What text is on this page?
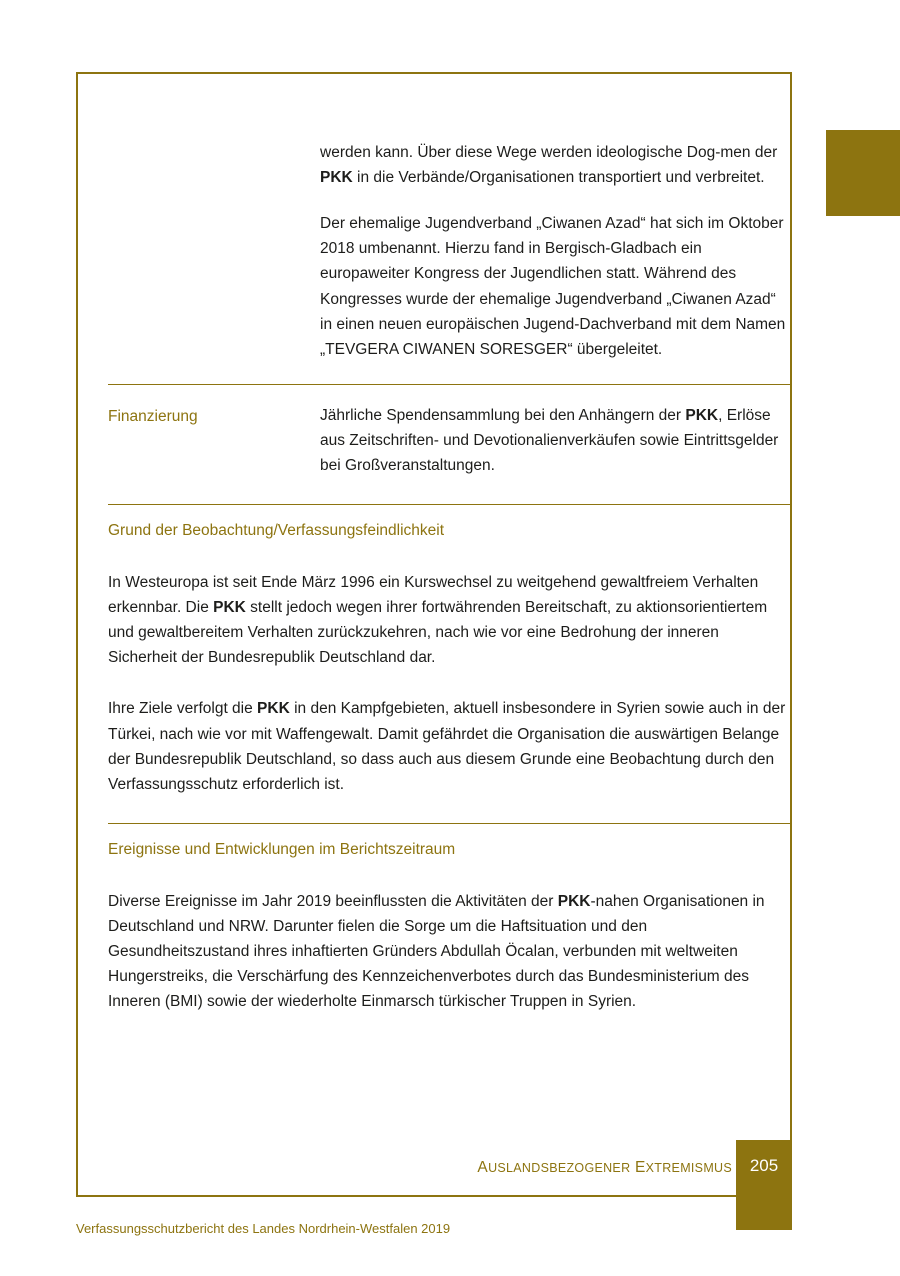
werden kann. Über diese Wege werden ideologische Dog-men der PKK in die Verbände/Organisationen transportiert und verbreitet.
Der ehemalige Jugendverband „Ciwanen Azad“ hat sich im Oktober 2018 umbenannt. Hierzu fand in Bergisch-Gladbach ein europaweiter Kongress der Jugendlichen statt. Während des Kongresses wurde der ehemalige Jugendverband „Ciwanen Azad“ in einen neuen europäischen Jugend-Dachverband mit dem Namen „TEVGERA CIWANEN SORESGER“ übergeleitet.
Finanzierung	Jährliche Spendensammlung bei den Anhängern der PKK, Erlöse aus Zeitschriften- und Devotionalienverkäufen sowie Eintrittsgelder bei Großveranstaltungen.
Grund der Beobachtung/Verfassungsfeindlichkeit
In Westeuropa ist seit Ende März 1996 ein Kurswechsel zu weitgehend gewaltfreiem Verhalten erkennbar. Die PKK stellt jedoch wegen ihrer fortwährenden Bereitschaft, zu aktionsorientiertem und gewaltbereitem Verhalten zurückzukehren, nach wie vor eine Bedrohung der inneren Sicherheit der Bundesrepublik Deutschland dar.
Ihre Ziele verfolgt die PKK in den Kampfgebieten, aktuell insbesondere in Syrien sowie auch in der Türkei, nach wie vor mit Waffengewalt. Damit gefährdet die Organisation die auswärtigen Belange der Bundesrepublik Deutschland, so dass auch aus diesem Grunde eine Beobachtung durch den Verfassungsschutz erforderlich ist.
Ereignisse und Entwicklungen im Berichtszeitraum
Diverse Ereignisse im Jahr 2019 beeinflussten die Aktivitäten der PKK-nahen Organisationen in Deutschland und NRW. Darunter fielen die Sorge um die Haftsituation und den Gesundheitszustand ihres inhaftierten Gründers Abdullah Öcalan, verbunden mit weltweiten Hungerstreiks, die Verschärfung des Kennzeichenverbotes durch das Bundesministerium des Inneren (BMI) sowie der wiederholte Einmarsch türkischer Truppen in Syrien.
AUSLANDSBEZOGENER EXTREMISMUS 205
Verfassungsschutzbericht des Landes Nordrhein-Westfalen 2019
